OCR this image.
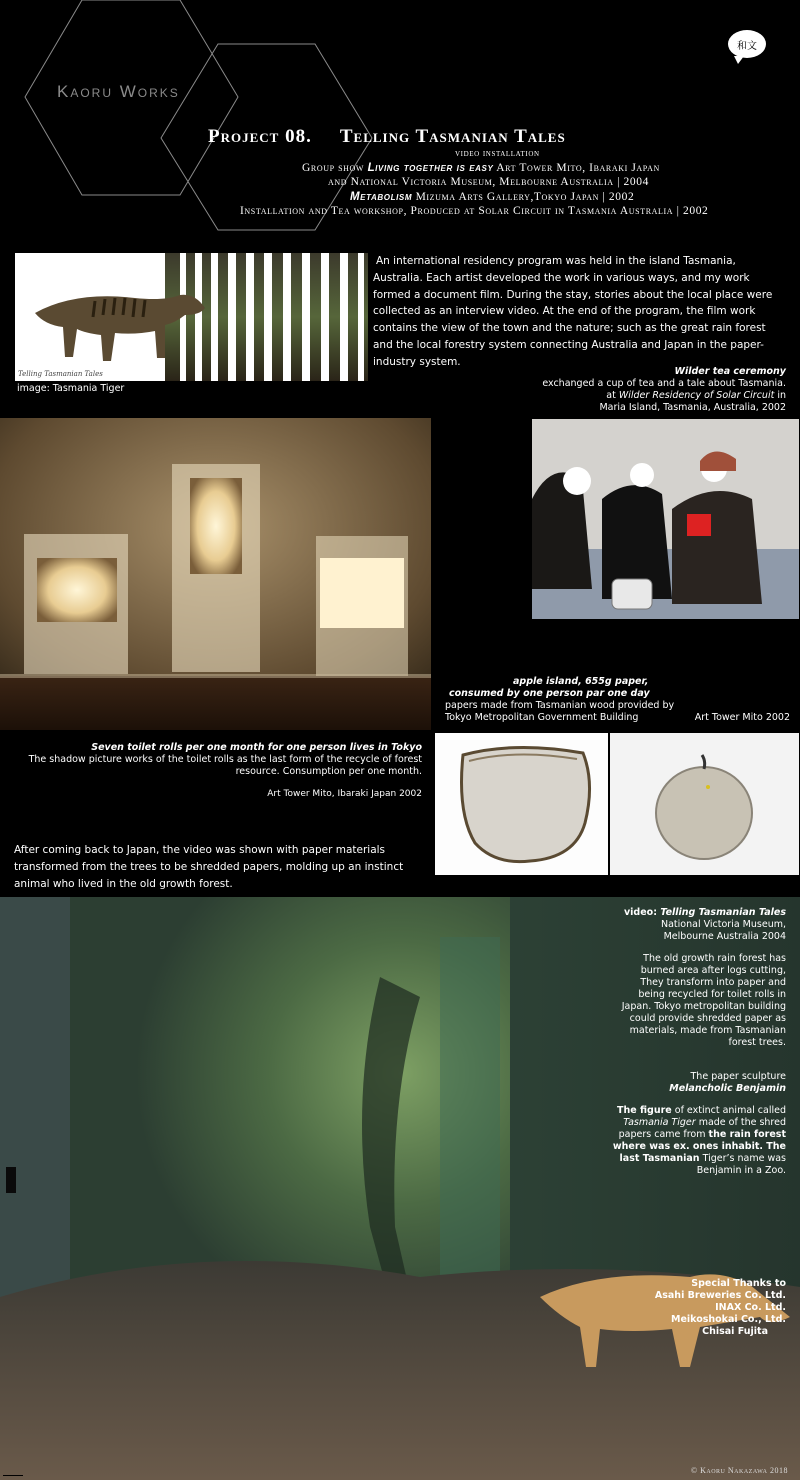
Kaoru Works
和文
Project 08. Telling Tasmanian Tales
video installation
Group show Living together is easy Art Tower Mito, Ibaraki Japan
and National Victoria Museum, Melbourne Australia | 2004
Metabolism Mizuma Arts Gallery,Tokyo Japan | 2002
Installation and Tea workshop, Produced at Solar Circuit in Tasmania Australia | 2002
Telling Tasmanian Tales
image: Tasmania Tiger
An international residency program was held in the island Tasmania, Australia. Each artist developed the work in various ways, and my work formed a document film. During the stay, stories about the local place were collected as an interview video. At the end of the program, the film work contains the view of the town and the nature; such as the great rain forest and the local forestry system connecting Australia and Japan in the paper-industry system.
Wilder tea ceremony
exchanged a cup of tea and a tale about Tasmania.
at Wilder Residency of Solar Circuit in
Maria Island, Tasmania, Australia, 2002
apple island, 655g paper,
consumed by one person par one day
papers made from Tasmanian wood provided by
Tokyo Metropolitan Government Building	Art Tower Mito 2002
Seven toilet rolls per one month for one person lives in Tokyo
The shadow picture works of the toilet rolls as the last form of the recycle of forest
resource. Consumption per one month.
Art Tower Mito, Ibaraki Japan 2002
After coming back to Japan, the video was shown with paper materials transformed from the trees to be shredded papers, molding up an instinct animal who lived in the old growth forest.
video: Telling Tasmanian Tales
National Victoria Museum,
Melbourne Australia 2004
The old growth rain forest has burned area after logs cutting, They transform into paper and being recycled for toilet rolls in Japan. Tokyo metropolitan building could provide shredded paper as materials, made from Tasmanian forest trees.
The paper sculpture
Melancholic Benjamin
The figure of extinct animal called Tasmania Tiger made of the shred papers came from the rain forest where was ex. ones inhabit. The last Tasmanian Tiger’s name was Benjamin in a Zoo.
Special Thanks to
Asahi Breweries Co. Ltd.
INAX Co. Ltd.
Meikoshokai Co., Ltd.
Chisai Fujita
© Kaoru Nakazawa 2018
